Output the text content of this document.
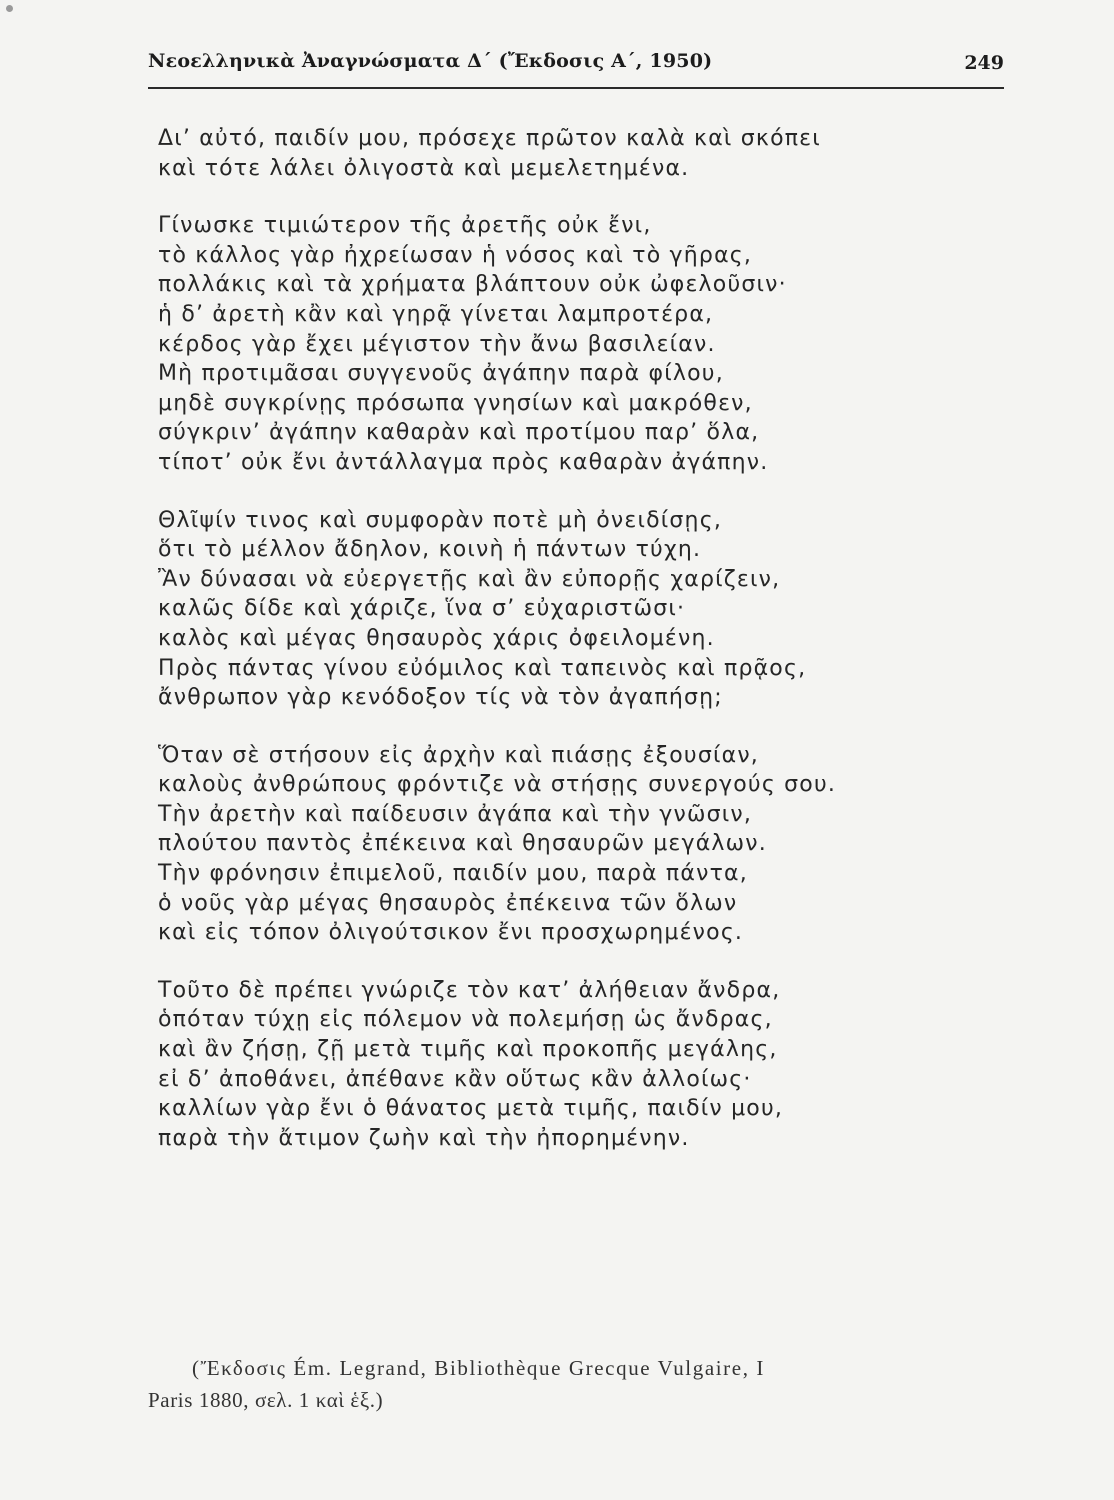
Νεοελληνικὰ Ἀναγνώσματα Δ΄ (Ἔκδοσις Α΄, 1950)	249
Δι’ αὐτό, παιδίν μου, πρόσεχε πρῶτον καλὰ καὶ σκόπει
καὶ τότε λάλει ὀλιγοστὰ καὶ μεμελετημένα.
Γίνωσκε τιμιώτερον τῆς ἀρετῆς οὐκ ἔνι,
τὸ κάλλος γὰρ ἠχρείωσαν ἡ νόσος καὶ τὸ γῆρας,
πολλάκις καὶ τὰ χρήματα βλάπτουν οὐκ ὠφελοῦσιν·
ἡ δ’ ἀρετὴ κἂν καὶ γηρᾷ γίνεται λαμπροτέρα,
κέρδος γὰρ ἔχει μέγιστον τὴν ἄνω βασιλείαν.
Μὴ προτιμᾶσαι συγγενοῦς ἀγάπην παρὰ φίλου,
μηδὲ συγκρίνῃς πρόσωπα γνησίων καὶ μακρόθεν,
σύγκριν’ ἀγάπην καθαρὰν καὶ προτίμου παρ’ ὅλα,
τίποτ’ οὐκ ἔνι ἀντάλλαγμα πρὸς καθαρὰν ἀγάπην.
Θλῖψίν τινος καὶ συμφορὰν ποτὲ μὴ ὀνειδίσῃς,
ὅτι τὸ μέλλον ἄδηλον, κοινὴ ἡ πάντων τύχη.
Ἂν δύνασαι νὰ εὐεργετῇς καὶ ἂν εὐπορῇς χαρίζειν,
καλῶς δίδε καὶ χάριζε, ἵνα σ’ εὐχαριστῶσι·
καλὸς καὶ μέγας θησαυρὸς χάρις ὀφειλομένη.
Πρὸς πάντας γίνου εὐόμιλος καὶ ταπεινὸς καὶ πρᾷος,
ἄνθρωπον γὰρ κενόδοξον τίς νὰ τὸν ἀγαπήσῃ;
Ὅταν σὲ στήσουν εἰς ἀρχὴν καὶ πιάσῃς ἐξουσίαν,
καλοὺς ἀνθρώπους φρόντιζε νὰ στήσῃς συνεργούς σου.
Τὴν ἀρετὴν καὶ παίδευσιν ἀγάπα καὶ τὴν γνῶσιν,
πλούτου παντὸς ἐπέκεινα καὶ θησαυρῶν μεγάλων.
Τὴν φρόνησιν ἐπιμελοῦ, παιδίν μου, παρὰ πάντα,
ὁ νοῦς γὰρ μέγας θησαυρὸς ἐπέκεινα τῶν ὅλων
καὶ εἰς τόπον ὀλιγούτσικον ἔνι προσχωρημένος.
Τοῦτο δὲ πρέπει γνώριζε τὸν κατ’ ἀλήθειαν ἄνδρα,
ὁπόταν τύχῃ εἰς πόλεμον νὰ πολεμήσῃ ὡς ἄνδρας,
καὶ ἂν ζήσῃ, ζῇ μετὰ τιμῆς καὶ προκοπῆς μεγάλης,
εἰ δ’ ἀποθάνει, ἀπέθανε κἂν οὕτως κἂν ἀλλοίως·
καλλίων γὰρ ἔνι ὁ θάνατος μετὰ τιμῆς, παιδίν μου,
παρὰ τὴν ἄτιμον ζωὴν καὶ τὴν ἠπορημένην.
(Ἔκδοσις Ém. Legrand, Bibliothèque Grecque Vulgaire, I
Paris 1880, σελ. 1 καὶ ἑξ.)
